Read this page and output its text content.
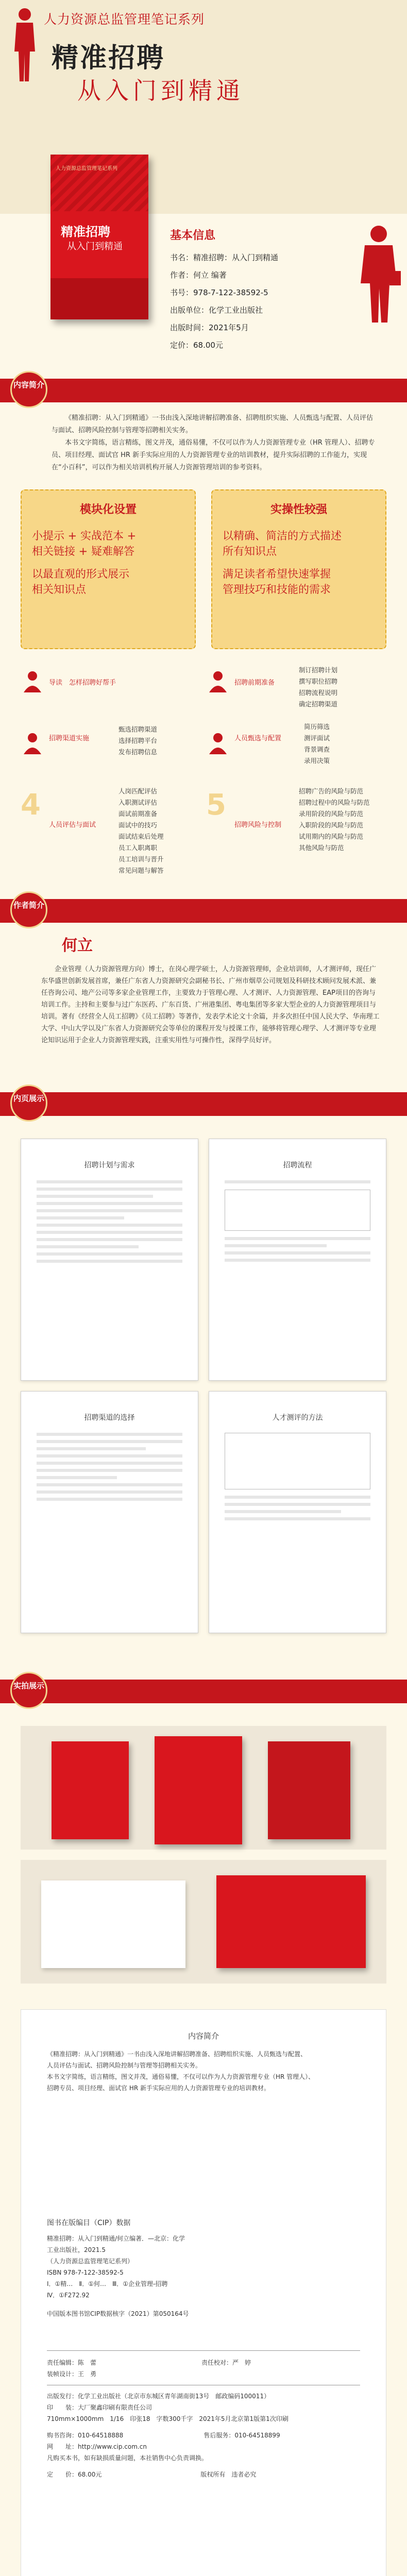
人力资源总监管理笔记系列
精准招聘
从入门到精通
人力资源总监管理笔记系列
精准招聘
从入门到精通
基本信息
书名：精准招聘：从入门到精通
作者：何立 编著
书号：978-7-122-38592-5
出版单位：化学工业出版社
出版时间：2021年5月
定价：68.00元
内容简介

《精准招聘：从入门到精通》一书由浅入深地讲解招聘准备、招聘组织实施、人员甄选与配置、人员评估与面试、招聘风险控制与管理等招聘相关实务。

本书文字简练，语言精练，图文并茂，通俗易懂，不仅可以作为人力资源管理专业（HR 管理人）、招聘专员、项目经理、面试官 HR 新手实际应用的人力资源管理专业的培训教材，提升实际招聘的工作能力，实现在“小百科”，可以作为相关培训机构开展人力资源管理培训的参考资料。

模块化设置
小提示 + 实战范本 +
相关链接 + 疑难解答
以最直观的形式展示
相关知识点
实操性较强
以精确、简洁的方式描述
所有知识点
满足读者希望快速掌握
管理技巧和技能的需求
导读　怎样招聘好帮手	招聘前期准备
制订招聘计划
撰写职位招聘
招聘流程说明
确定招聘渠道
招聘渠道实施
甄选招聘渠道
选择招聘平台
发布招聘信息
人员甄选与配置
简历筛选
测评面试
背景调查
录用决策
4
人员评估与面试
人岗匹配评估
入职测试评估
面试前期准备
面试中的技巧
面试结束后处理
员工入职离职
员工培训与晋升
常见问题与解答
5
招聘风险与控制
招聘广告的风险与防范
招聘过程中的风险与防范
录用阶段的风险与防范
入职阶段的风险与防范
试用期内的风险与防范
其他风险与防范
作者简介
何立

企业管理（人力资源管理方向）博士，在岗心理学硕士，人力资源管理师，企业培训师，人才测评师，现任广东华盛世创新发展首席，兼任广东省人力资源研究会副秘书长、广州市烟草公司规划及科研技术顾问发展术派、兼任咨询公司、地产公司等多家企业管理工作，主要致力于管理心理、人才测评、人力资源管理、EAP项目的咨询与培训工作。主持和主要参与过广东医药、广东百货、广州港集团、粤电集团等多家大型企业的人力资源管理项目与培训。著有《经营全人员工招聘》《员工招聘》等著作，发表学术论文十余篇，并多次担任中国人民大学、华南理工大学、中山大学以及广东省人力资源研究会等单位的课程开发与授课工作，能够将管理心理学、人才测评等专业理论知识运用于企业人力资源管理实践，注重实用性与可操作性，深得学员好评。

内页展示
招聘计划与需求	招聘流程
招聘渠道的选择	人才测评的方法
实拍展示
内容简介
《精准招聘：从入门到精通》一书由浅入深地讲解招聘准备、招聘组织实施、人员甄选与配置、
人员评估与面试、招聘风险控制与管理等招聘相关实务。
本书文字简练，语言精练，图文并茂，通俗易懂，不仅可以作为人力资源管理专业（HR 管理人）、
招聘专员、项目经理、面试官 HR 新手实际应用的人力资源管理专业的培训教材。
图书在版编目（CIP）数据
精准招聘：从入门到精通/何立编著．—北京：化学
工业出版社，2021.5
（人力资源总监管理笔记系列）
ISBN 978-7-122-38592-5
Ⅰ．①精…　Ⅱ．①何…　Ⅲ．①企业管理-招聘
Ⅳ．①F272.92
中国版本图书馆CIP数据核字（2021）第050164号
责任编辑：陈　蕾　　　　　　　　　　　　　　　　　责任校对：严　婷
装帧设计：王　勇
出版发行：化学工业出版社（北京市东城区青年湖南街13号　邮政编码100011）
印　　装：大厂聚鑫印刷有限责任公司
710mm×1000mm　1/16　印张18　字数300千字　2021年5月北京第1版第1次印刷
购书咨询：010-64518888　　　　　　　　　　　　　售后服务：010-64518899
网　　址：http://www.cip.com.cn
凡购买本书，如有缺损质量问题，本社销售中心负责调换。
定　　价：68.00元　　　　　　　　　　　　　　　　版权所有　违者必究
